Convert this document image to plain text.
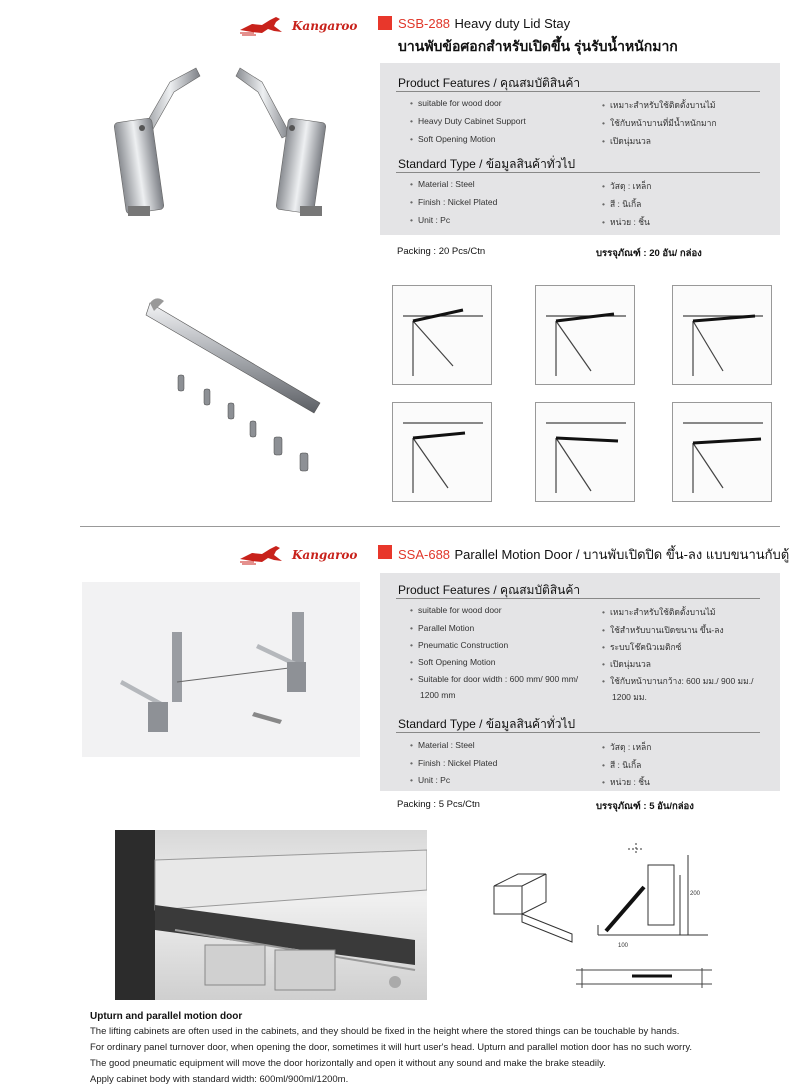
Kangaroo	SSB-288 Heavy duty Lid Stay
บานพับข้อศอกสำหรับเปิดขึ้น รุ่นรับน้ำหนักมาก
Product Features / คุณสมบัติสินค้า
• suitable for wood door
• Heavy Duty Cabinet Support
• Soft Opening Motion
• เหมาะสำหรับใช้ติดตั้งบานไม้
• ใช้กับหน้าบานที่มีน้ำหนักมาก
• เปิดนุ่มนวล
Standard Type / ข้อมูลสินค้าทั่วไป
• Material : Steel
• Finish : Nickel Plated
• Unit : Pc
• วัสดุ : เหล็ก
• สี : นิเกิ้ล
• หน่วย : ชิ้น
Packing : 20 Pcs/Ctn	บรรจุภัณฑ์ : 20 อัน/ กล่อง
Kangaroo	SSA-688 Parallel Motion Door / บานพับเปิดปิด ขึ้น-ลง แบบขนานกับตู้
Product Features / คุณสมบัติสินค้า
• suitable for wood door
• Parallel Motion
• Pneumatic Construction
• Soft Opening Motion
• Suitable for door width : 600 mm/ 900 mm/
1200 mm
• เหมาะสำหรับใช้ติดตั้งบานไม้
• ใช้สำหรับบานเปิดขนาน ขึ้น-ลง
• ระบบโช๊คนิวเมติกซ์
• เปิดนุ่มนวล
• ใช้กับหน้าบานกว้าง: 600 มม./ 900 มม./
1200 มม.
Standard Type / ข้อมูลสินค้าทั่วไป
• Material : Steel
• Finish : Nickel Plated
• Unit : Pc
• วัสดุ : เหล็ก
• สี : นิเกิ้ล
• หน่วย : ชิ้น
Packing : 5 Pcs/Ctn	บรรจุภัณฑ์ : 5 อัน/กล่อง
100
200
Upturn and parallel motion door
The lifting cabinets are often used in the cabinets, and they should be fixed in the height where the stored things can be touchable by hands.
For ordinary panel turnover door, when opening the door, sometimes it will hurt user's head. Upturn and parallel motion door has no such worry.
The good pneumatic equipment will move the door horizontally and open it without any sound and make the brake steadily.
Apply cabinet body with standard width: 600ml/900ml/1200m.
